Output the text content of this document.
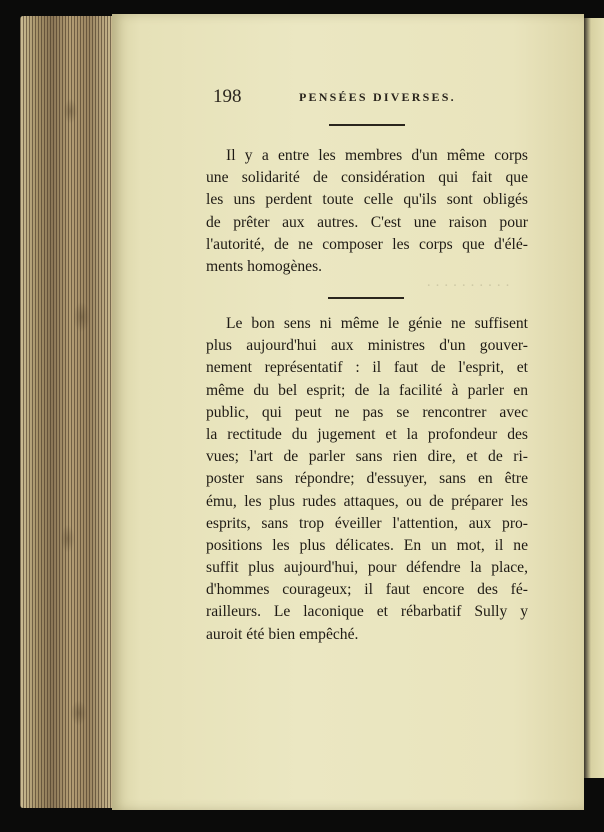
· · · · · · · · · ·
198	PENSÉES DIVERSES.
Il y a entre les membres d'un même corps
une solidarité de considération qui fait que
les uns perdent toute celle qu'ils sont obligés
de prêter aux autres. C'est une raison pour
l'autorité, de ne composer les corps que d'élé-
ments homogènes.
Le bon sens ni même le génie ne suffisent
plus aujourd'hui aux ministres d'un gouver-
nement représentatif : il faut de l'esprit, et
même du bel esprit; de la facilité à parler en
public, qui peut ne pas se rencontrer avec
la rectitude du jugement et la profondeur des
vues; l'art de parler sans rien dire, et de ri-
poster sans répondre; d'essuyer, sans en être
ému, les plus rudes attaques, ou de préparer les
esprits, sans trop éveiller l'attention, aux pro-
positions les plus délicates. En un mot, il ne
suffit plus aujourd'hui, pour défendre la place,
d'hommes courageux; il faut encore des fé-
railleurs. Le laconique et rébarbatif Sully y
auroit été bien empêché.
